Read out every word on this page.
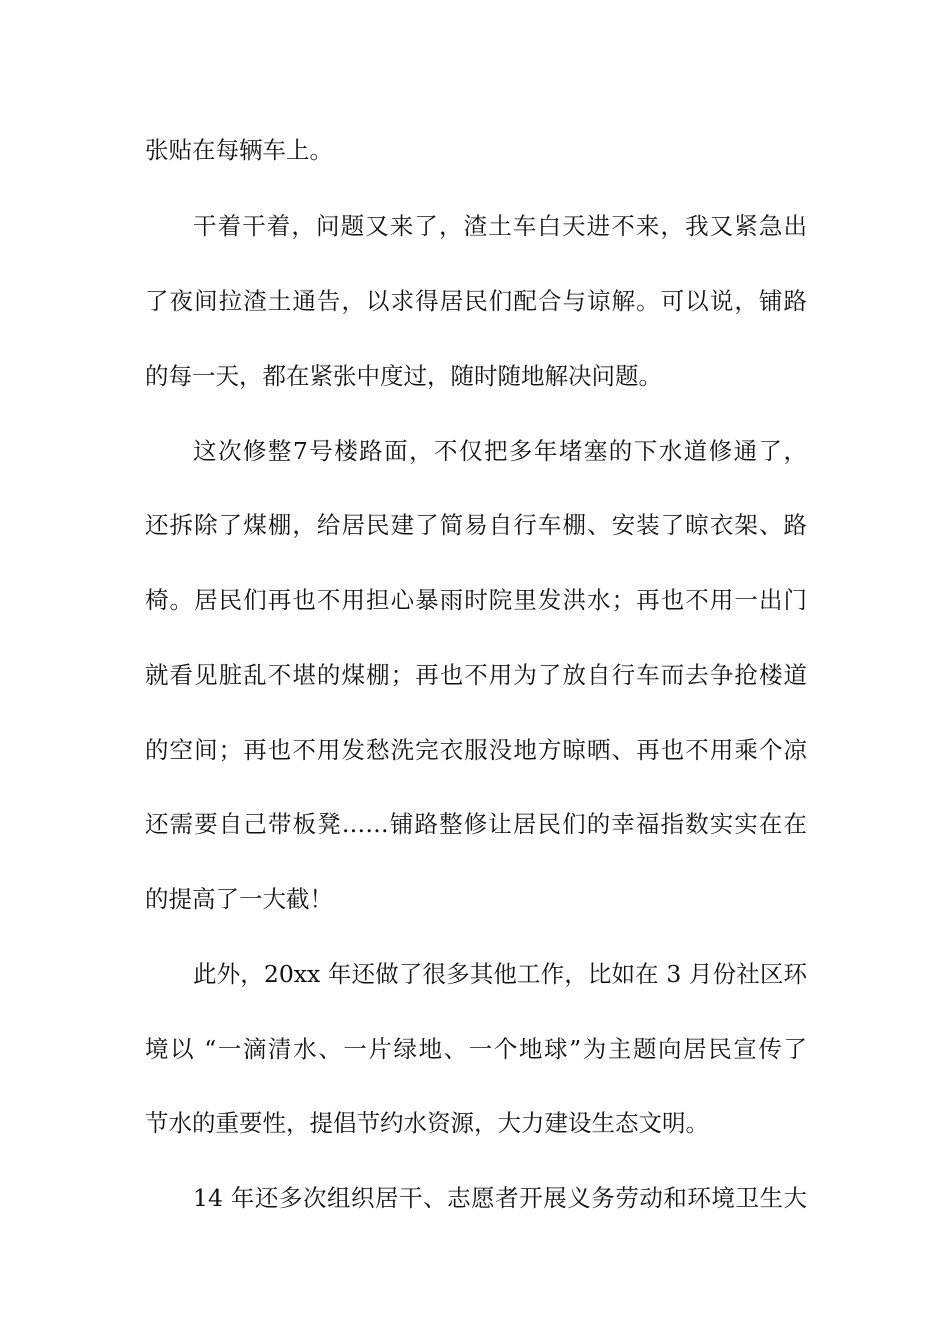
张贴在每辆车上。
干着干着，问题又来了，渣土车白天进不来，我又紧急出
了夜间拉渣土通告，以求得居民们配合与谅解。可以说，铺路
的每一天，都在紧张中度过，随时随地解决问题。
这次修整7号楼路面，不仅把多年堵塞的下水道修通了，
还拆除了煤棚，给居民建了简易自行车棚、安装了晾衣架、路
椅。居民们再也不用担心暴雨时院里发洪水；再也不用一出门
就看见脏乱不堪的煤棚；再也不用为了放自行车而去争抢楼道
的空间；再也不用发愁洗完衣服没地方晾晒、再也不用乘个凉
还需要自己带板凳……铺路整修让居民们的幸福指数实实在在
的提高了一大截！
此外，20xx 年还做了很多其他工作，比如在 3 月份社区环
境以 “一滴清水、一片绿地、一个地球”为主题向居民宣传了
节水的重要性，提倡节约水资源，大力建设生态文明。
14 年还多次组织居干、志愿者开展义务劳动和环境卫生大
